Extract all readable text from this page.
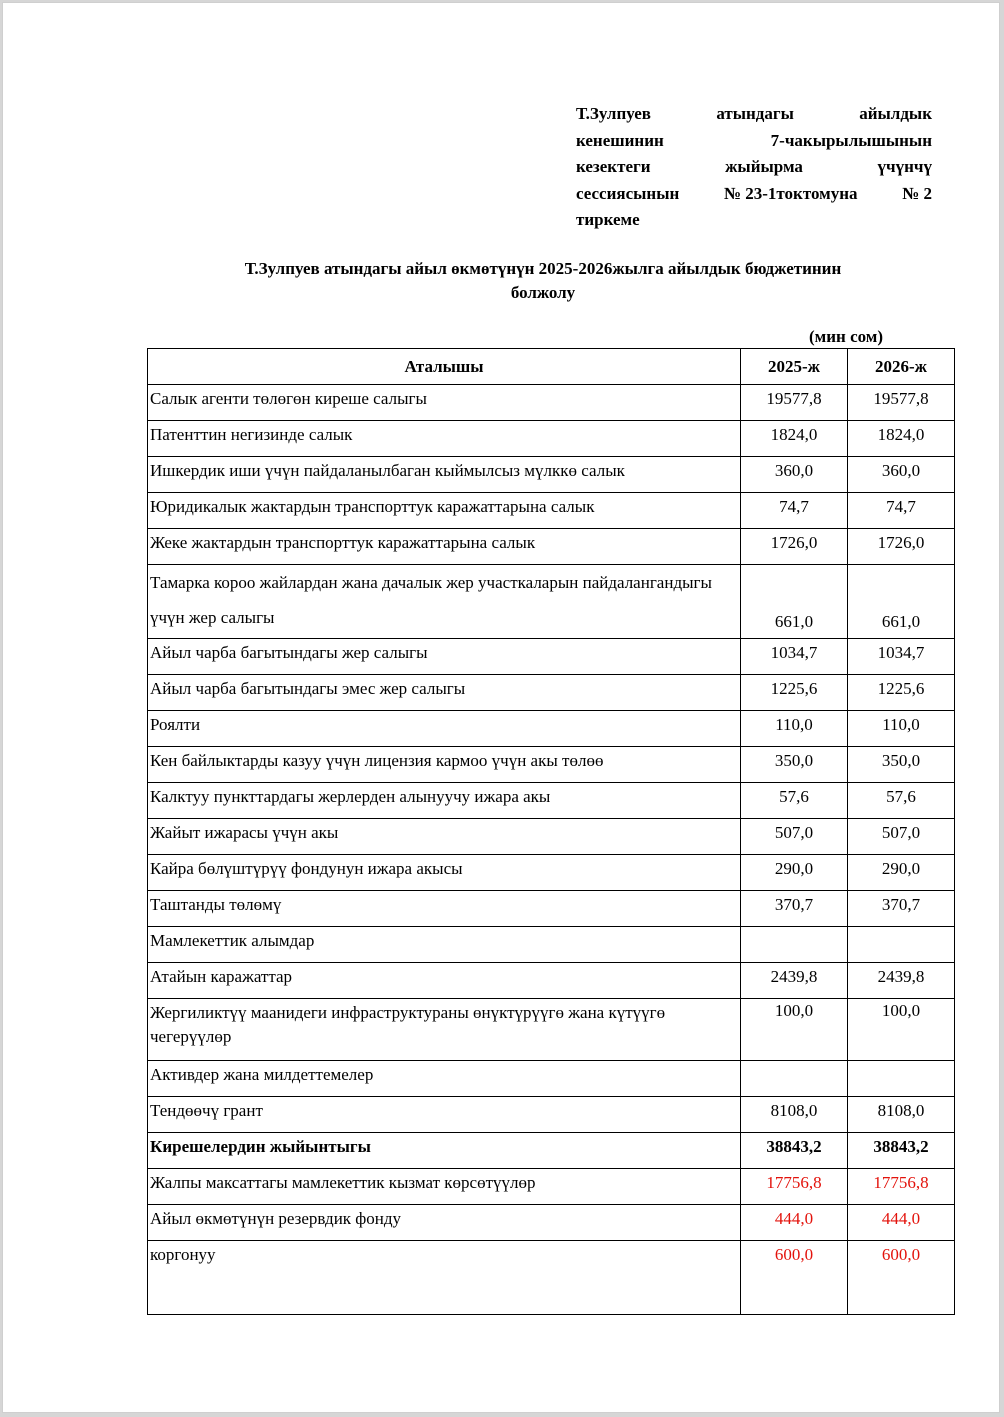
Т.Зулпуев	атындагы	айылдык
кенешинин	7-чакырылышынын
кезектеги	жыйырма	үчүнчү
сессиясынын	№ 23-1токтомуна	№ 2
тиркеме
Т.Зулпуев атындагы айыл өкмөтүнүн 2025-2026жылга айылдык бюджетинин
болжолу
(мин сом)
Аталышы	2025-ж	2026-ж
Салык агенти төлөгөн киреше салыгы	19577,8	19577,8
Патенттин негизинде салык	1824,0	1824,0
Ишкердик иши үчүн пайдаланылбаган кыймылсыз мүлккө салык	360,0	360,0
Юридикалык жактардын транспорттук каражаттарына салык	74,7	74,7
Жеке жактардын транспорттук каражаттарына салык	1726,0	1726,0
Тамарка короо жайлардан жана дачалык жер участкаларын пайдалангандыгы үчүн жер салыгы	661,0	661,0
Айыл чарба багытындагы жер салыгы	1034,7	1034,7
Айыл чарба багытындагы эмес жер салыгы	1225,6	1225,6
Роялти	110,0	110,0
Кен байлыктарды казуу үчүн лицензия кармоо үчүн акы төлөө	350,0	350,0
Калктуу пункттардагы жерлерден алынуучу ижара акы	57,6	57,6
Жайыт ижарасы үчүн акы	507,0	507,0
Кайра бөлүштүрүү фондунун ижара акысы	290,0	290,0
Таштанды төлөмү	370,7	370,7
Мамлекеттик алымдар		
Атайын каражаттар	2439,8	2439,8
Жергиликтүү маанидеги инфраструктураны өнүктүрүүгө жана күтүүгө чегерүүлөр	100,0	100,0
Активдер жана милдеттемелер		
Тендөөчү грант	8108,0	8108,0
Кирешелердин жыйынтыгы	38843,2	38843,2
Жалпы максаттагы мамлекеттик кызмат көрсөтүүлөр	17756,8	17756,8
Айыл өкмөтүнүн резервдик фонду	444,0	444,0
коргонуу	600,0	600,0
